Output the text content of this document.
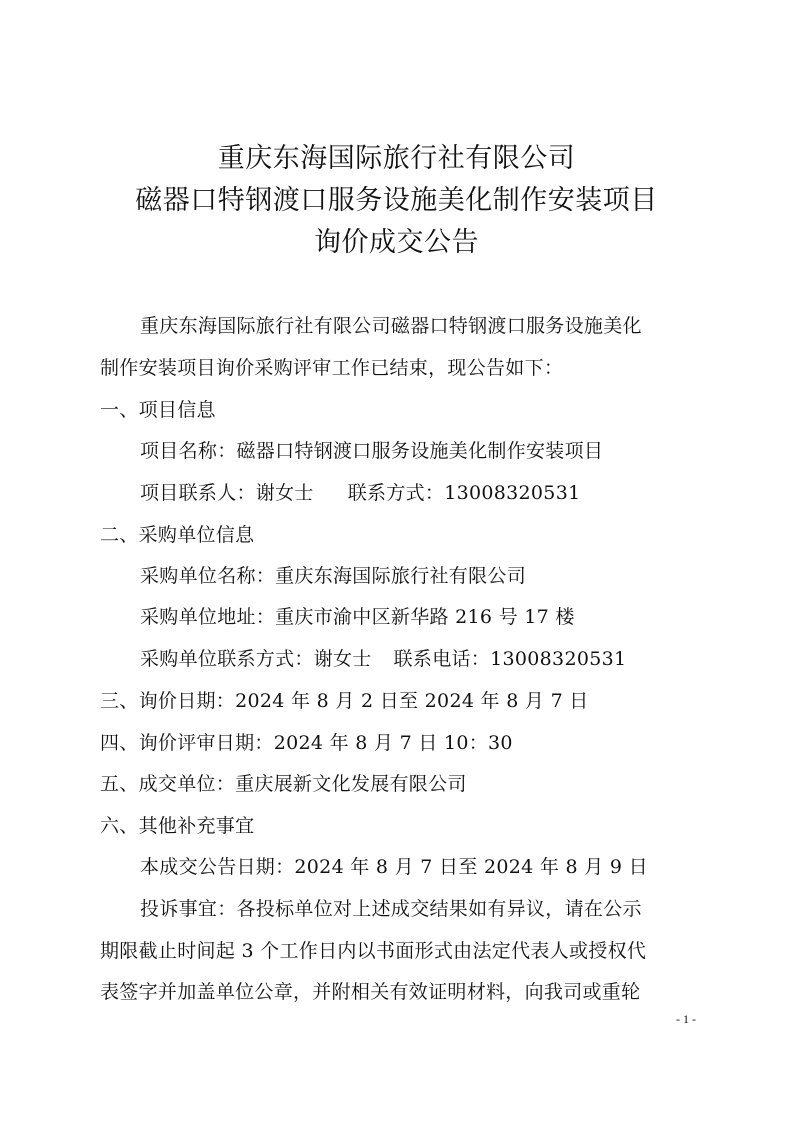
重庆东海国际旅行社有限公司
磁器口特钢渡口服务设施美化制作安装项目
询价成交公告
重庆东海国际旅行社有限公司磁器口特钢渡口服务设施美化
制作安装项目询价采购评审工作已结束，现公告如下：
一、项目信息
项目名称：磁器口特钢渡口服务设施美化制作安装项目
项目联系人：谢女士 联系方式：13008320531
二、采购单位信息
采购单位名称：重庆东海国际旅行社有限公司
采购单位地址：重庆市渝中区新华路 216 号 17 楼
采购单位联系方式：谢女士 联系电话：13008320531
三、询价日期：2024 年 8 月 2 日至 2024 年 8 月 7 日
四、询价评审日期：2024 年 8 月 7 日 10：30
五、成交单位：重庆展新文化发展有限公司
六、其他补充事宜
本成交公告日期：2024 年 8 月 7 日至 2024 年 8 月 9 日
投诉事宜：各投标单位对上述成交结果如有异议，请在公示
期限截止时间起 3 个工作日内以书面形式由法定代表人或授权代
表签字并加盖单位公章，并附相关有效证明材料，向我司或重轮
- 1 -
